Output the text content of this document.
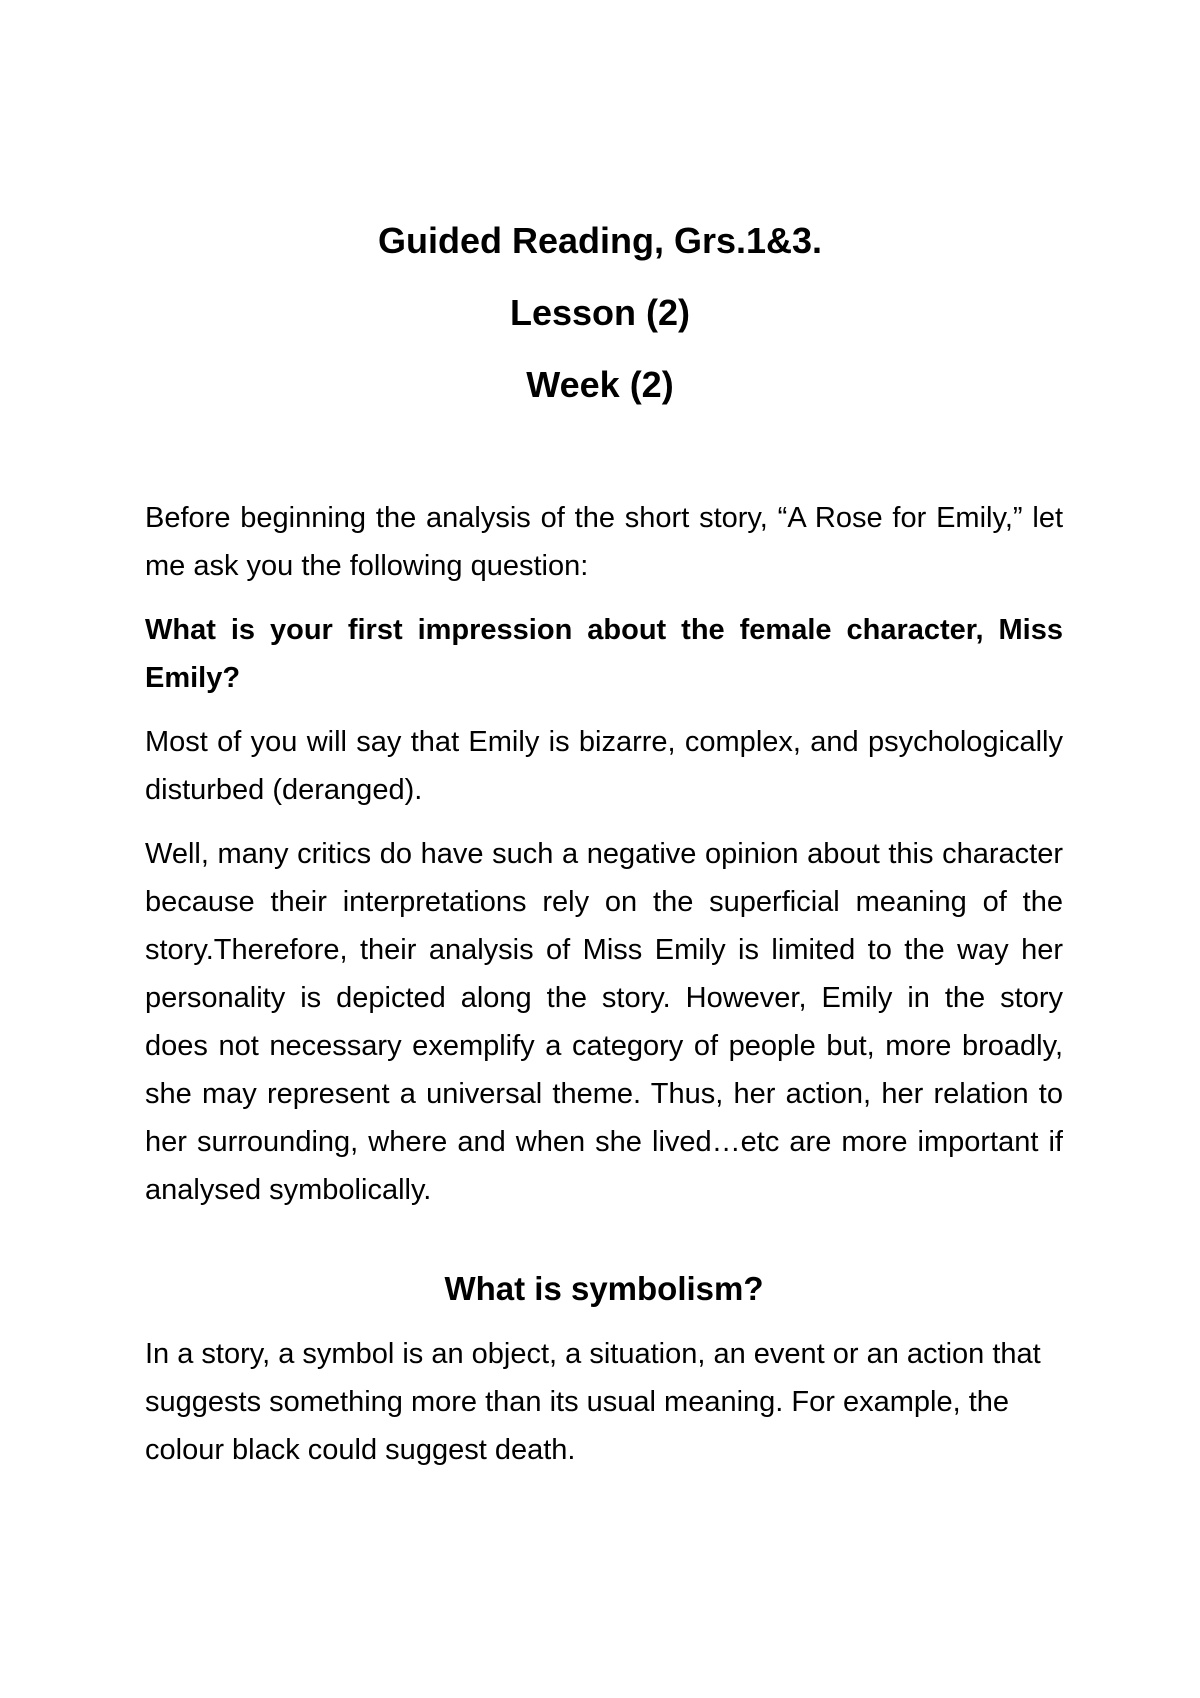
Guided Reading, Grs.1&3.
Lesson (2)
Week (2)

Before beginning the analysis of the short story, “A Rose for Emily,” let me ask you the following question:

What is your first impression about the female character, Miss Emily?

Most of you will say that Emily is bizarre, complex, and psychologically disturbed (deranged).

Well, many critics do have such a negative opinion about this character because their interpretations rely on the superficial meaning of the story.Therefore, their analysis of Miss Emily is limited to the way her personality is depicted along the story. However, Emily in the story does not necessary exemplify a category of people but, more broadly, she may represent a universal theme. Thus, her action, her relation to her surrounding, where and when she lived…etc are more important if analysed symbolically.

What is symbolism?

In a story, a symbol is an object, a situation, an event or an action that suggests something more than its usual meaning. For example, the colour black could suggest death.
